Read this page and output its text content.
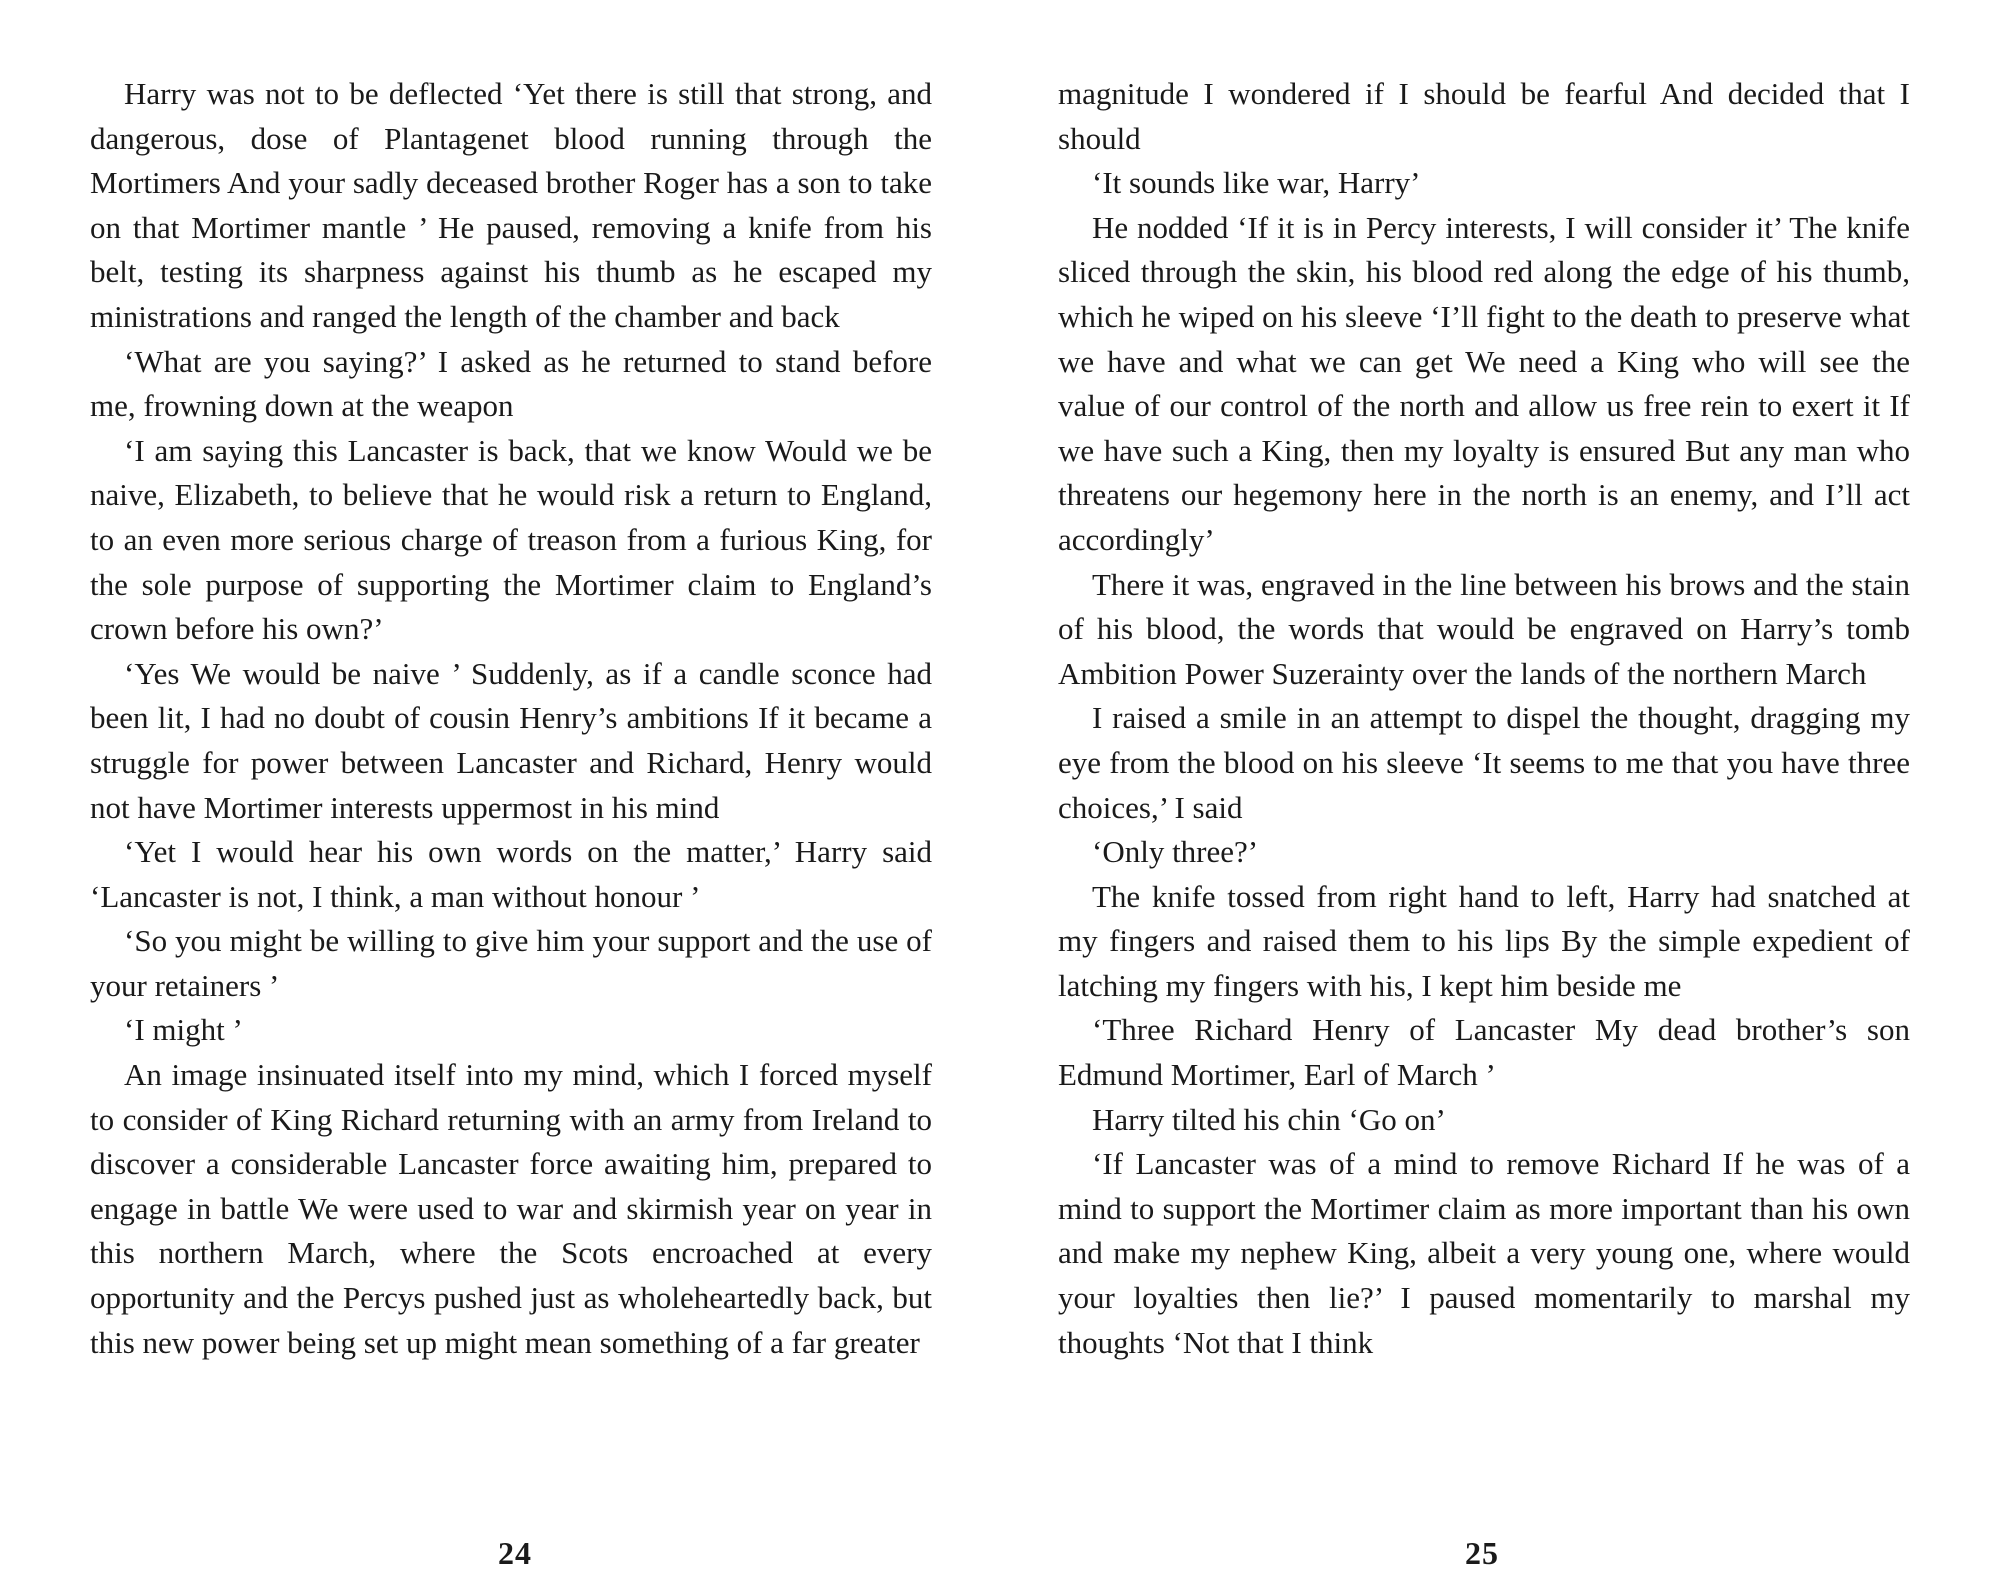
Harry was not to be deflected ‘Yet there is still that strong, and dangerous, dose of Plantagenet blood running through the Mortimers And your sadly deceased brother Roger has a son to take on that Mortimer mantle ’ He paused, removing a knife from his belt, testing its sharpness against his thumb as he escaped my ministrations and ranged the length of the chamber and back

‘What are you saying?’ I asked as he returned to stand before me, frowning down at the weapon

‘I am saying this Lancaster is back, that we know Would we be naive, Elizabeth, to believe that he would risk a return to England, to an even more serious charge of treason from a furious King, for the sole purpose of supporting the Mortimer claim to England’s crown before his own?’

‘Yes We would be naive ’ Suddenly, as if a candle sconce had been lit, I had no doubt of cousin Henry’s ambitions If it became a struggle for power between Lancaster and Richard, Henry would not have Mortimer interests uppermost in his mind

‘Yet I would hear his own words on the matter,’ Harry said ‘Lancaster is not, I think, a man without honour ’

‘So you might be willing to give him your support and the use of your retainers ’

‘I might ’

An image insinuated itself into my mind, which I forced myself to consider of King Richard returning with an army from Ireland to discover a considerable Lancaster force awaiting him, prepared to engage in battle We were used to war and skirmish year on year in this northern March, where the Scots encroached at every opportunity and the Percys pushed just as wholeheartedly back, but this new power being set up might mean something of a far greater

24

magnitude I wondered if I should be fearful And decided that I should

‘It sounds like war, Harry’

He nodded ‘If it is in Percy interests, I will consider it’ The knife sliced through the skin, his blood red along the edge of his thumb, which he wiped on his sleeve ‘I’ll fight to the death to preserve what we have and what we can get We need a King who will see the value of our control of the north and allow us free rein to exert it If we have such a King, then my loyalty is ensured But any man who threatens our hegemony here in the north is an enemy, and I’ll act accordingly’

There it was, engraved in the line between his brows and the stain of his blood, the words that would be engraved on Harry’s tomb Ambition Power Suzerainty over the lands of the northern March

I raised a smile in an attempt to dispel the thought, dragging my eye from the blood on his sleeve ‘It seems to me that you have three choices,’ I said

‘Only three?’

The knife tossed from right hand to left, Harry had snatched at my fingers and raised them to his lips By the simple expedient of latching my fingers with his, I kept him beside me

‘Three Richard Henry of Lancaster My dead brother’s son Edmund Mortimer, Earl of March ’

Harry tilted his chin ‘Go on’

‘If Lancaster was of a mind to remove Richard If he was of a mind to support the Mortimer claim as more important than his own and make my nephew King, albeit a very young one, where would your loyalties then lie?’ I paused momentarily to marshal my thoughts ‘Not that I think

25
